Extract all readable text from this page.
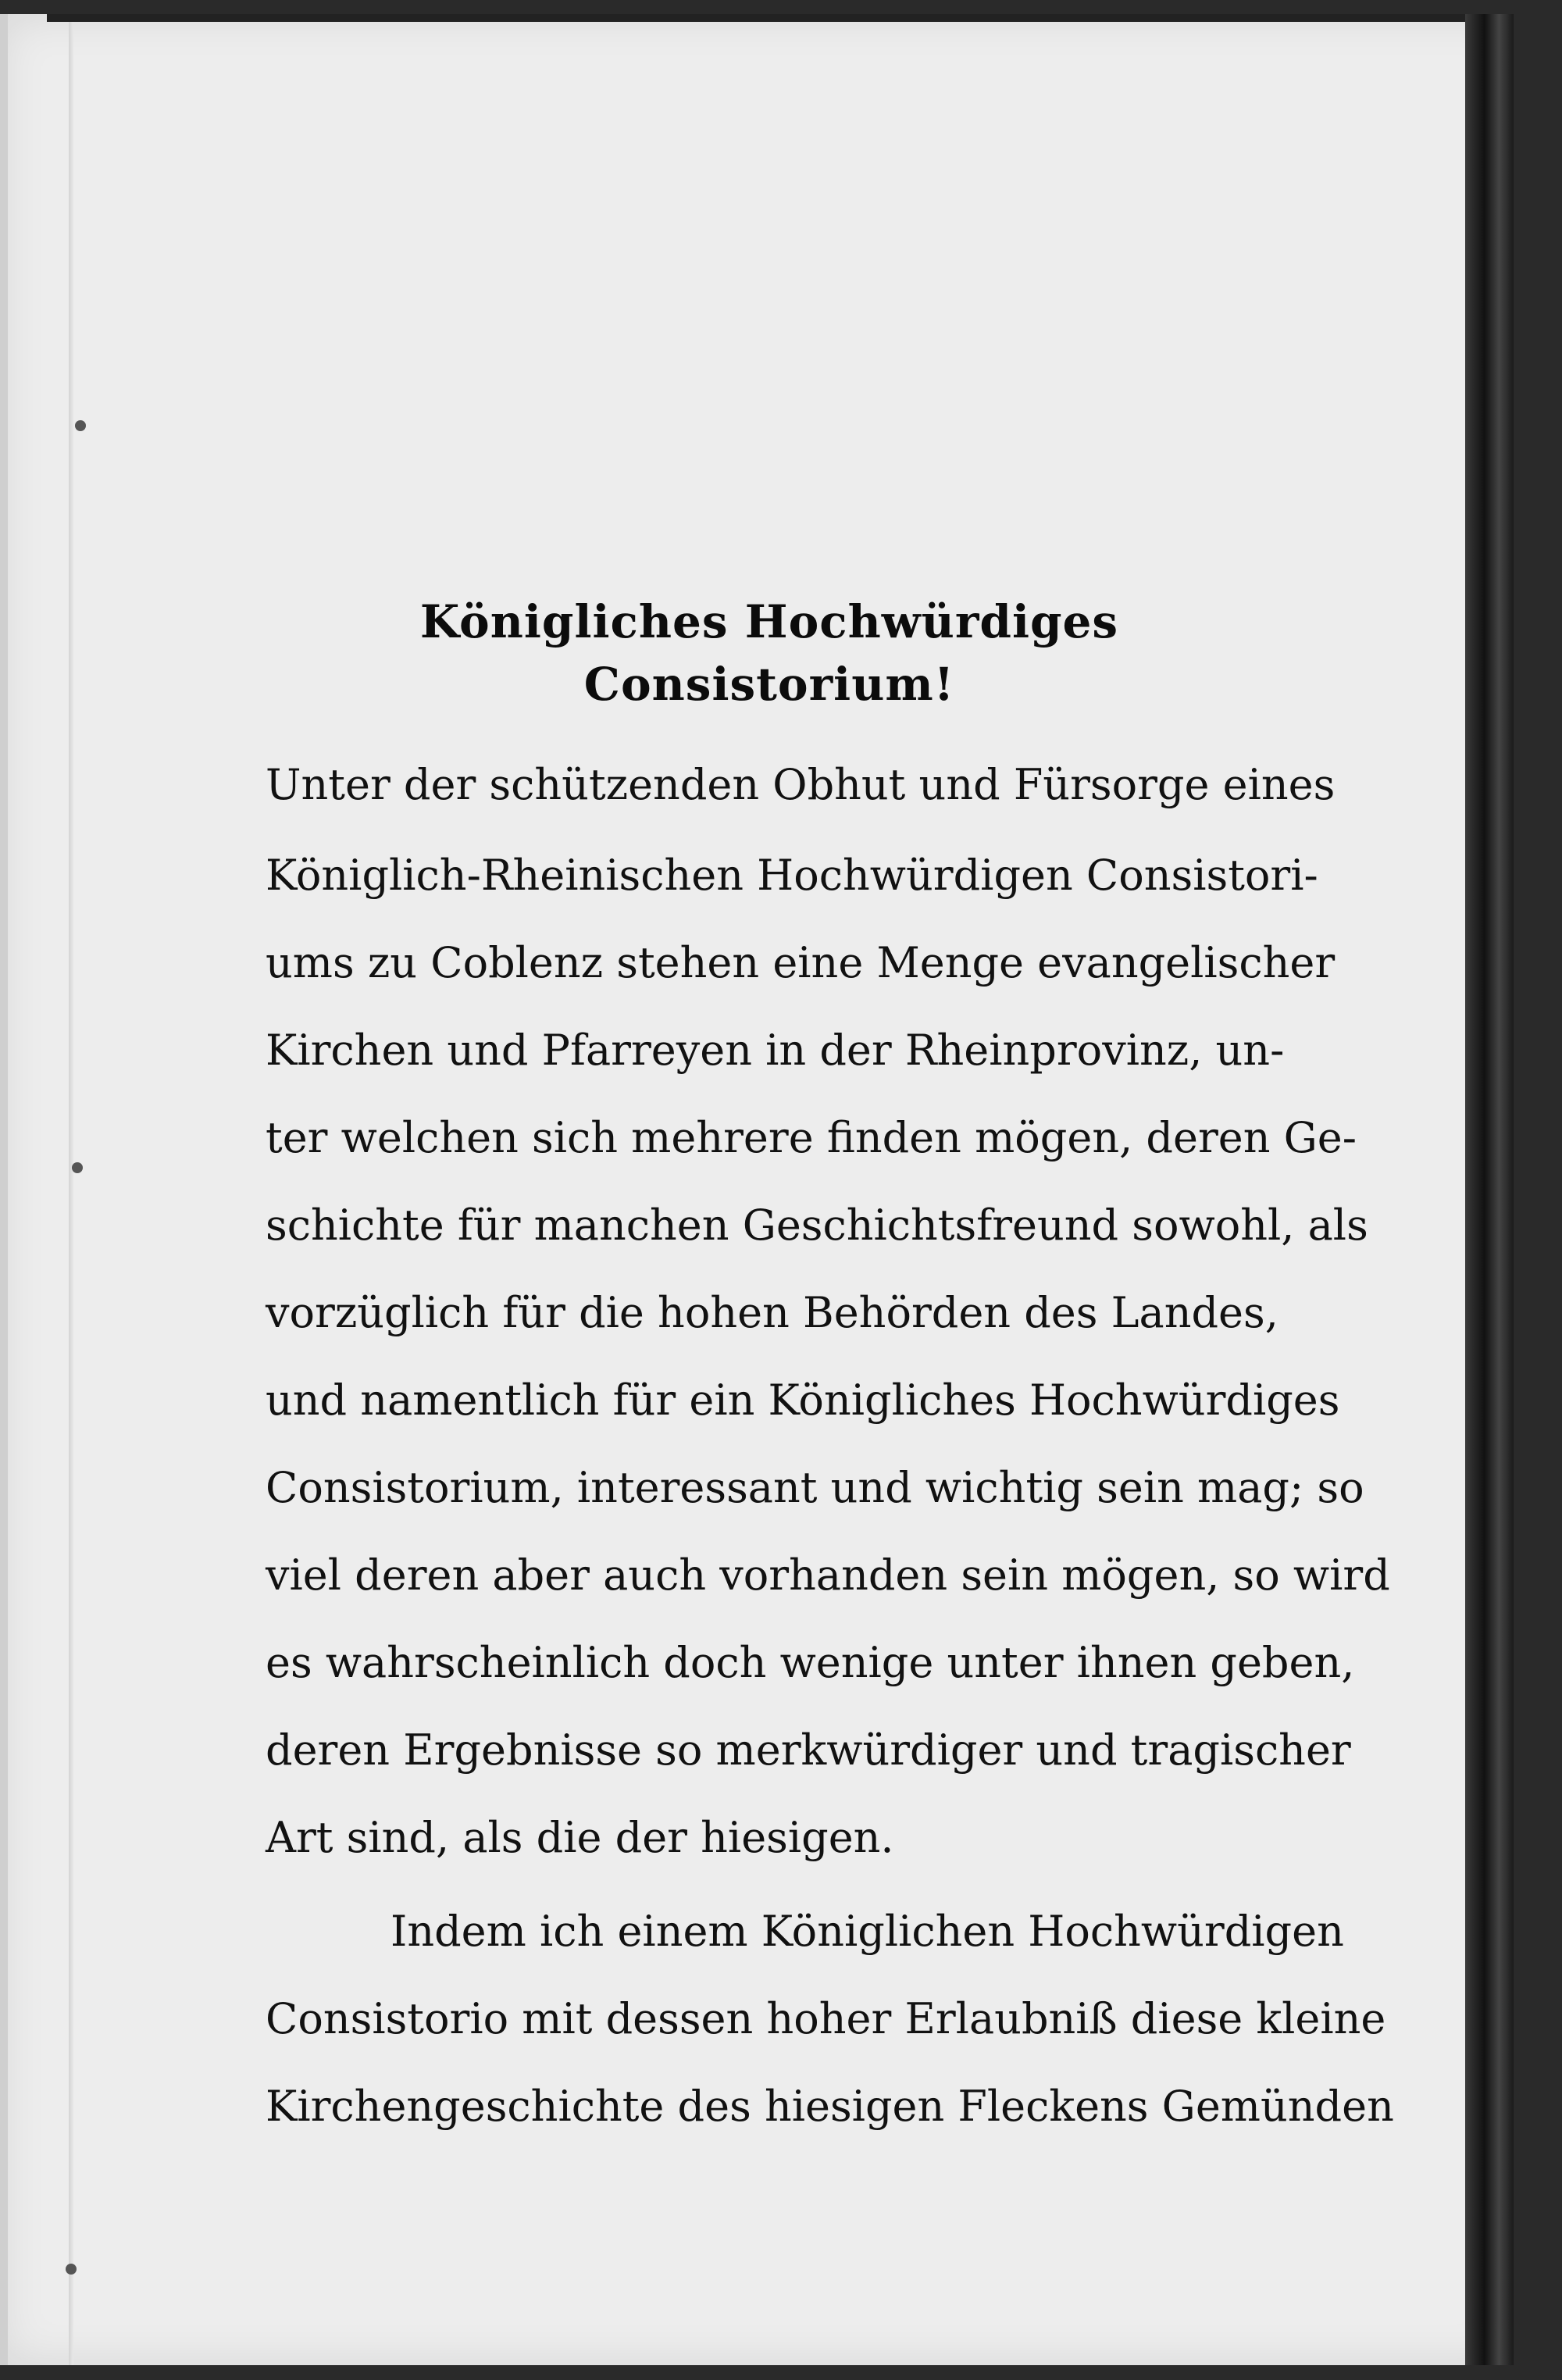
Königliches Hochwürdiges Consistorium!
Unter der schützenden Obhut und Fürsorge eines
Königlich-Rheinischen Hochwürdigen Consistori-
ums zu Coblenz stehen eine Menge evangelischer
Kirchen und Pfarreyen in der Rheinprovinz, un-
ter welchen sich mehrere finden mögen, deren Ge-
schichte für manchen Geschichtsfreund sowohl, als
vorzüglich für die hohen Behörden des Landes,
und namentlich für ein Königliches Hochwürdiges
Consistorium, interessant und wichtig sein mag; so
viel deren aber auch vorhanden sein mögen, so wird
es wahrscheinlich doch wenige unter ihnen geben,
deren Ergebnisse so merkwürdiger und tragischer
Art sind, als die der hiesigen.
Indem ich einem Königlichen Hochwürdigen
Consistorio mit dessen hoher Erlaubniß diese kleine
Kirchengeschichte des hiesigen Fleckens Gemünden
